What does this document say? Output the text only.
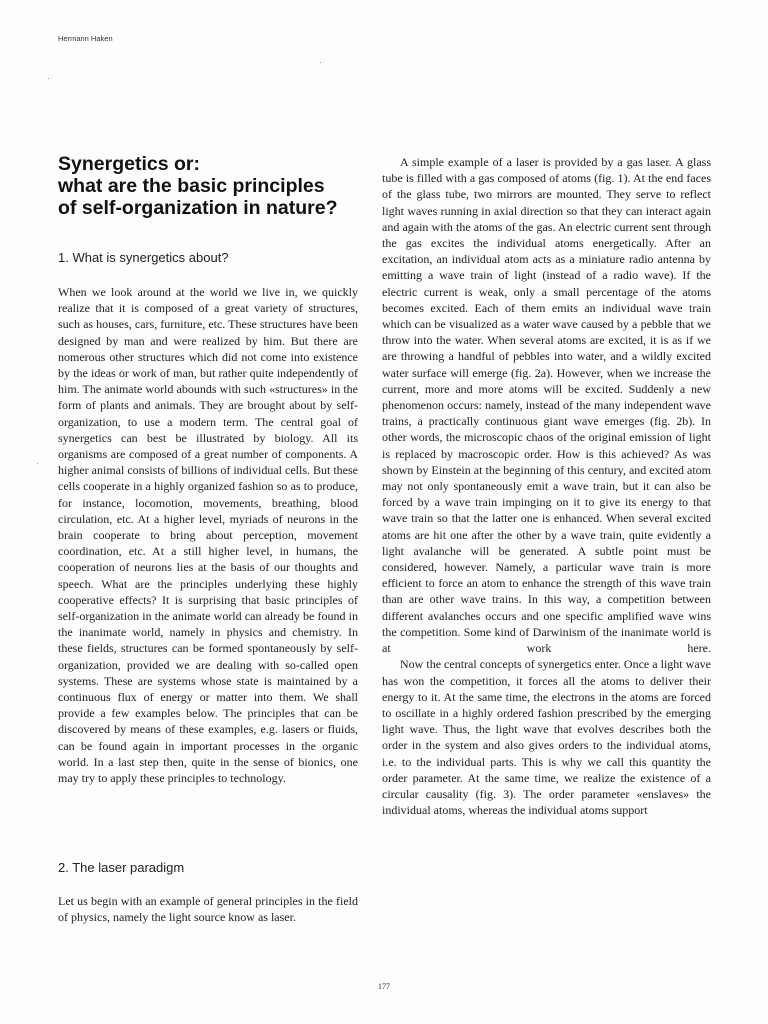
Hermann Haken
Synergetics or:
what are the basic principles
of self-organization in nature?
1. What is synergetics about?

When we look around at the world we live in, we quickly realize that it is composed of a great variety of structures, such as houses, cars, furniture, etc. These structures have been designed by man and were realized by him. But there are nomerous other structures which did not come into existence by the ideas or work of man, but rather quite independently of him. The animate world abounds with such «structures» in the form of plants and animals. They are brought about by self-organization, to use a modern term. The central goal of synergetics can best be illustrated by biology. All its organisms are composed of a great number of components. A higher animal consists of billions of individual cells. But these cells cooperate in a highly organized fashion so as to produce, for instance, locomotion, movements, breathing, blood circulation, etc. At a higher level, myriads of neurons in the brain cooperate to bring about perception, movement coordination, etc. At a still higher level, in humans, the cooperation of neurons lies at the basis of our thoughts and speech. What are the principles underlying these highly cooperative effects? It is surprising that basic principles of self-organization in the animate world can already be found in the inanimate world, namely in physics and chemistry. In these fields, structures can be formed spontaneously by self-organization, provided we are dealing with so-called open systems. These are systems whose state is maintained by a continuous flux of energy or matter into them. We shall provide a few examples below. The principles that can be discovered by means of these examples, e.g. lasers or fluids, can be found again in important processes in the organic world. In a last step then, quite in the sense of bionics, one may try to apply these principles to technology.

2. The laser paradigm

Let us begin with an example of general principles in the field of physics, namely the light source know as laser.

A simple example of a laser is provided by a gas laser. A glass tube is filled with a gas composed of atoms (fig. 1). At the end faces of the glass tube, two mirrors are mounted. They serve to reflect light waves running in axial direction so that they can interact again and again with the atoms of the gas. An electric current sent through the gas excites the individual atoms energetically. After an excitation, an individual atom acts as a miniature radio antenna by emitting a wave train of light (instead of a radio wave). If the electric current is weak, only a small percentage of the atoms becomes excited. Each of them emits an individual wave train which can be visualized as a water wave caused by a pebble that we throw into the water. When several atoms are excited, it is as if we are throwing a handful of pebbles into water, and a wildly excited water surface will emerge (fig. 2a). However, when we increase the current, more and more atoms will be excited. Suddenly a new phenomenon occurs: namely, instead of the many independent wave trains, a practically continuous giant wave emerges (fig. 2b). In other words, the microscopic chaos of the original emission of light is replaced by macroscopic order. How is this achieved? As was shown by Einstein at the beginning of this century, and excited atom may not only spontaneously emit a wave train, but it can also be forced by a wave train impinging on it to give its energy to that wave train so that the latter one is enhanced. When several excited atoms are hit one after the other by a wave train, quite evidently a light avalanche will be generated. A subtle point must be considered, however. Namely, a particular wave train is more efficient to force an atom to enhance the strength of this wave train than are other wave trains. In this way, a competition between different avalanches occurs and one specific amplified wave wins the competition. Some kind of Darwinism of the inanimate world is at work here.

Now the central concepts of synergetics enter. Once a light wave has won the competition, it forces all the atoms to deliver their energy to it. At the same time, the electrons in the atoms are forced to oscillate in a highly ordered fashion prescribed by the emerging light wave. Thus, the light wave that evolves describes both the order in the system and also gives orders to the individual atoms, i.e. to the individual parts. This is why we call this quantity the order parameter. At the same time, we realize the existence of a circular causality (fig. 3). The order parameter «enslaves» the individual atoms, whereas the individual atoms support

177
